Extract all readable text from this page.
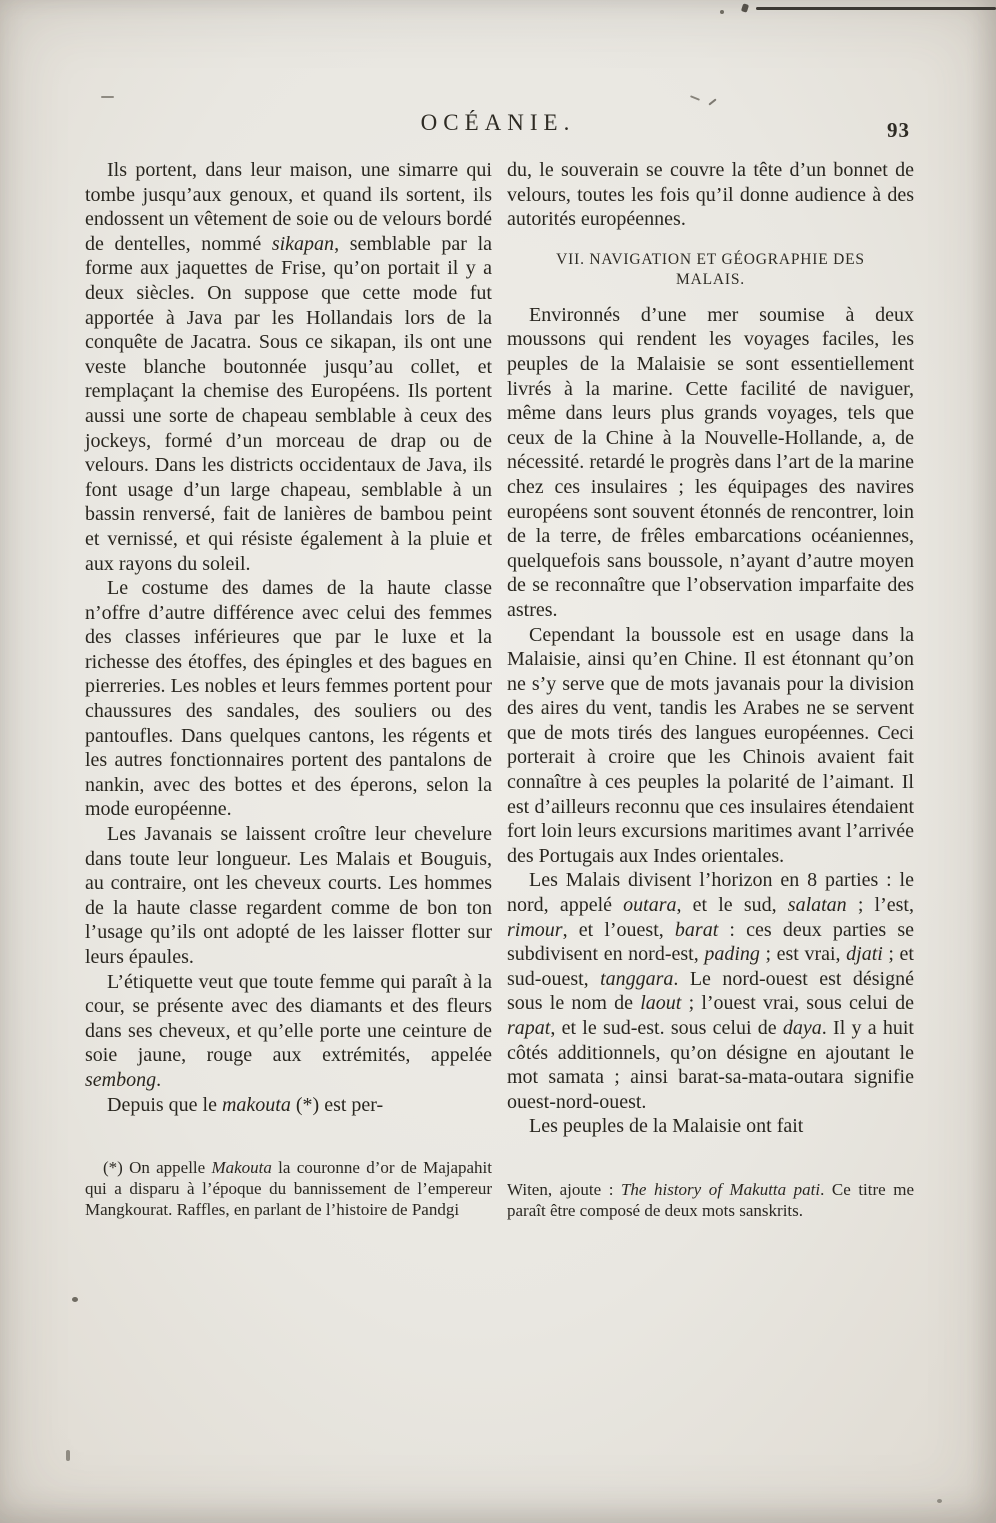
OCÉANIE.	93

Ils portent, dans leur maison, une simarre qui tombe jusqu’aux genoux, et quand ils sortent, ils endossent un vêtement de soie ou de velours bordé de dentelles, nommé sikapan, semblable par la forme aux jaquettes de Frise, qu’on portait il y a deux siècles. On suppose que cette mode fut apportée à Java par les Hollandais lors de la conquête de Jacatra. Sous ce sikapan, ils ont une veste blanche boutonnée jusqu’au collet, et remplaçant la chemise des Européens. Ils portent aussi une sorte de chapeau semblable à ceux des jockeys, formé d’un morceau de drap ou de velours. Dans les districts occidentaux de Java, ils font usage d’un large chapeau, semblable à un bassin renversé, fait de lanières de bambou peint et vernissé, et qui résiste également à la pluie et aux rayons du soleil.

Le costume des dames de la haute classe n’offre d’autre différence avec celui des femmes des classes inférieures que par le luxe et la richesse des étoffes, des épingles et des bagues en pierreries. Les nobles et leurs femmes portent pour chaussures des sandales, des souliers ou des pantoufles. Dans quelques cantons, les régents et les autres fonctionnaires portent des pantalons de nankin, avec des bottes et des éperons, selon la mode européenne.

Les Javanais se laissent croître leur chevelure dans toute leur longueur. Les Malais et Bouguis, au contraire, ont les cheveux courts. Les hommes de la haute classe regardent comme de bon ton l’usage qu’ils ont adopté de les laisser flotter sur leurs épaules.

L’étiquette veut que toute femme qui paraît à la cour, se présente avec des diamants et des fleurs dans ses cheveux, et qu’elle porte une ceinture de soie jaune, rouge aux extrémités, appelée sembong.

Depuis que le makouta (*) est per-

(*) On appelle Makouta la couronne d’or de Majapahit qui a disparu à l’époque du bannissement de l’empereur Mangkourat. Raffles, en parlant de l’histoire de Pandgi

du, le souverain se couvre la tête d’un bonnet de velours, toutes les fois qu’il donne audience à des autorités européennes.

VII. NAVIGATION ET GÉOGRAPHIE DES
MALAIS.

Environnés d’une mer soumise à deux moussons qui rendent les voyages faciles, les peuples de la Malaisie se sont essentiellement livrés à la marine. Cette facilité de naviguer, même dans leurs plus grands voyages, tels que ceux de la Chine à la Nouvelle-Hollande, a, de nécessité. retardé le progrès dans l’art de la marine chez ces insulaires ; les équipages des navires européens sont souvent étonnés de rencontrer, loin de la terre, de frêles embarcations océaniennes, quelquefois sans boussole, n’ayant d’autre moyen de se reconnaître que l’observation imparfaite des astres.

Cependant la boussole est en usage dans la Malaisie, ainsi qu’en Chine. Il est étonnant qu’on ne s’y serve que de mots javanais pour la division des aires du vent, tandis les Arabes ne se servent que de mots tirés des langues européennes. Ceci porterait à croire que les Chinois avaient fait connaître à ces peuples la polarité de l’aimant. Il est d’ailleurs reconnu que ces insulaires étendaient fort loin leurs excursions maritimes avant l’arrivée des Portugais aux Indes orientales.

Les Malais divisent l’horizon en 8 parties : le nord, appelé outara, et le sud, salatan ; l’est, rimour, et l’ouest, barat : ces deux parties se subdivisent en nord-est, pading ; est vrai, djati ; et sud-ouest, tanggara. Le nord-ouest est désigné sous le nom de laout ; l’ouest vrai, sous celui de rapat, et le sud-est. sous celui de daya. Il y a huit côtés additionnels, qu’on désigne en ajoutant le mot samata ; ainsi barat-sa-mata-outara signifie ouest-nord-ouest.

Les peuples de la Malaisie ont fait

Witen, ajoute : The history of Makutta pati. Ce titre me paraît être composé de deux mots sanskrits.
